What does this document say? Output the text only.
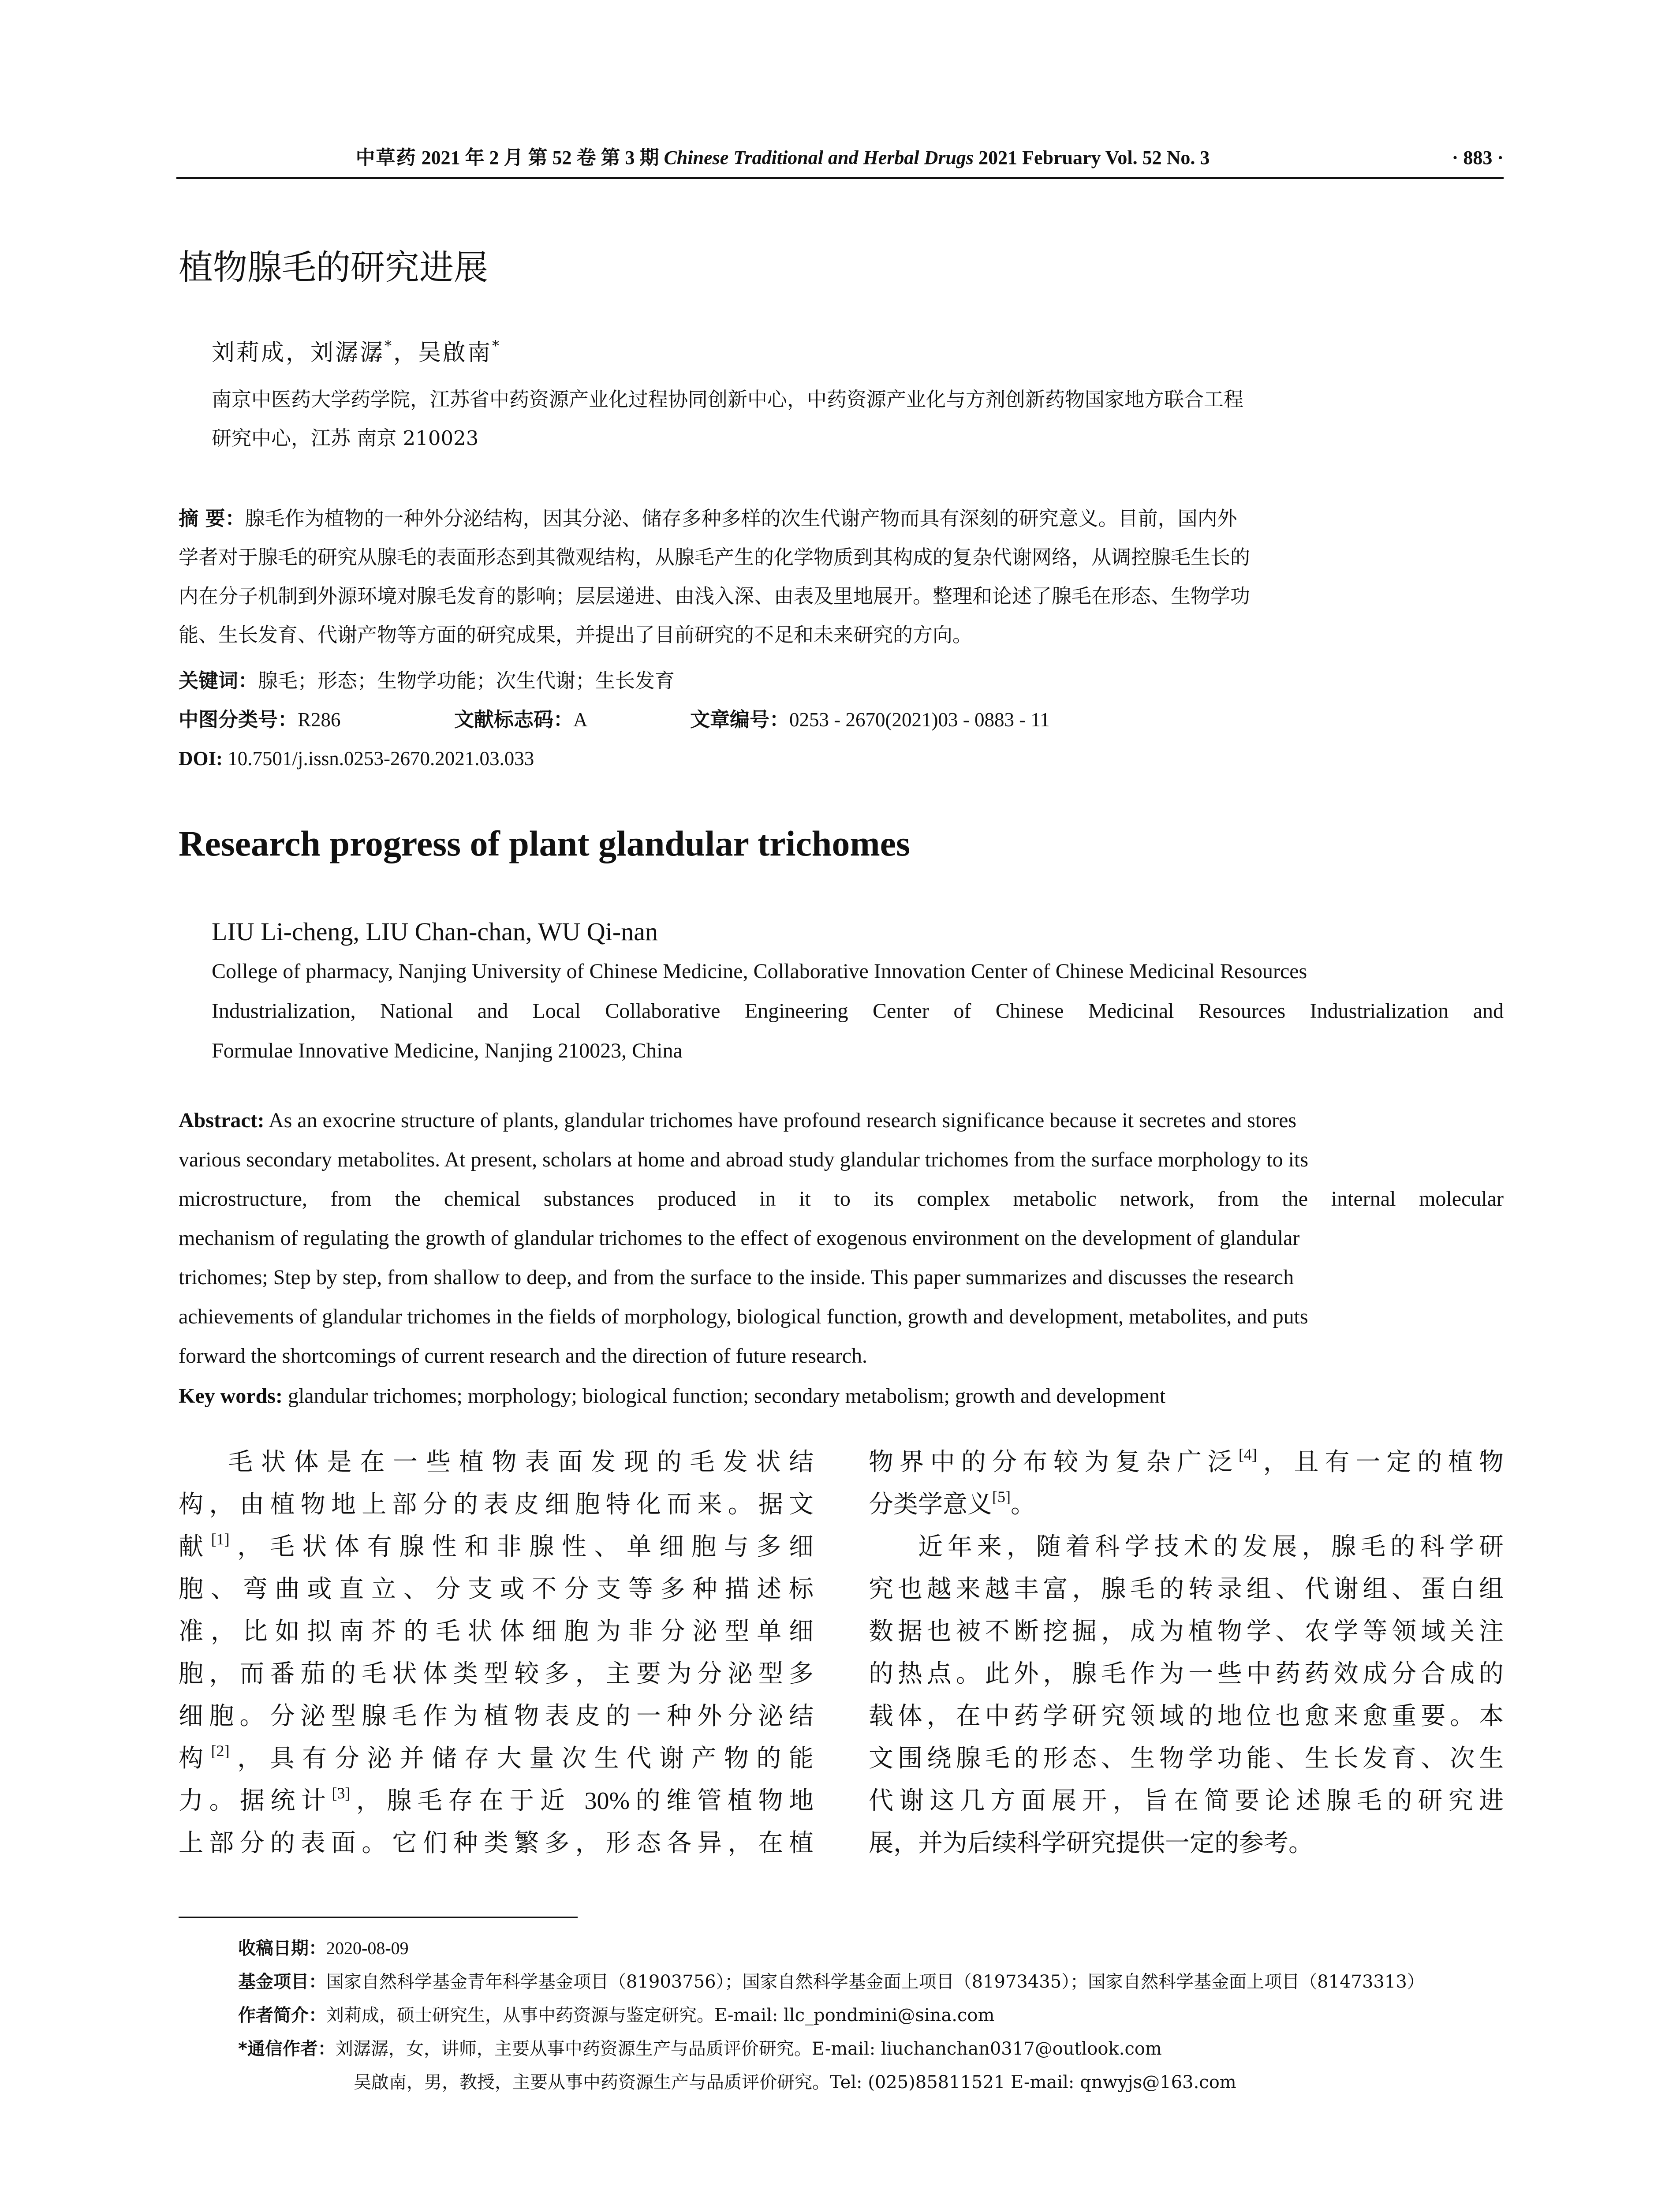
中草药 2021 年 2 月 第 52 卷 第 3 期 Chinese Traditional and Herbal Drugs 2021 February Vol. 52 No. 3	· 883 ·
植物腺毛的研究进展
刘莉成，刘潺潺*，吴啟南*
南京中医药大学药学院，江苏省中药资源产业化过程协同创新中心，中药资源产业化与方剂创新药物国家地方联合工程
研究中心，江苏 南京 210023
摘 要：腺毛作为植物的一种外分泌结构，因其分泌、储存多种多样的次生代谢产物而具有深刻的研究意义。目前，国内外
学者对于腺毛的研究从腺毛的表面形态到其微观结构，从腺毛产生的化学物质到其构成的复杂代谢网络，从调控腺毛生长的
内在分子机制到外源环境对腺毛发育的影响；层层递进、由浅入深、由表及里地展开。整理和论述了腺毛在形态、生物学功
能、生长发育、代谢产物等方面的研究成果，并提出了目前研究的不足和未来研究的方向。
关键词：腺毛；形态；生物学功能；次生代谢；生长发育
中图分类号：R286	文献标志码：A	文章编号：0253 - 2670(2021)03 - 0883 - 11
DOI: 10.7501/j.issn.0253-2670.2021.03.033
Research progress of plant glandular trichomes
LIU Li-cheng, LIU Chan-chan, WU Qi-nan
College of pharmacy, Nanjing University of Chinese Medicine, Collaborative Innovation Center of Chinese Medicinal Resources
Industrialization, National and Local Collaborative Engineering Center of Chinese Medicinal Resources Industrialization and
Formulae Innovative Medicine, Nanjing 210023, China
Abstract: As an exocrine structure of plants, glandular trichomes have profound research significance because it secretes and stores
various secondary metabolites. At present, scholars at home and abroad study glandular trichomes from the surface morphology to its
microstructure, from the chemical substances produced in it to its complex metabolic network, from the internal molecular
mechanism of regulating the growth of glandular trichomes to the effect of exogenous environment on the development of glandular
trichomes; Step by step, from shallow to deep, and from the surface to the inside. This paper summarizes and discusses the research
achievements of glandular trichomes in the fields of morphology, biological function, growth and development, metabolites, and puts
forward the shortcomings of current research and the direction of future research.
Key words: glandular trichomes; morphology; biological function; secondary metabolism; growth and development
毛状体是在一些植物表面发现的毛发状结
构，由植物地上部分的表皮细胞特化而来。据文
献[1]，毛状体有腺性和非腺性、单细胞与多细
胞、弯曲或直立、分支或不分支等多种描述标
准，比如拟南芥的毛状体细胞为非分泌型单细
胞，而番茄的毛状体类型较多，主要为分泌型多
细胞。分泌型腺毛作为植物表皮的一种外分泌结
构[2]，具有分泌并储存大量次生代谢产物的能
力。据统计[3]，腺毛存在于近 30%的维管植物地
上部分的表面。它们种类繁多，形态各异，在植
物界中的分布较为复杂广泛[4]，且有一定的植物
分类学意义[5]。
近年来，随着科学技术的发展，腺毛的科学研
究也越来越丰富，腺毛的转录组、代谢组、蛋白组
数据也被不断挖掘，成为植物学、农学等领域关注
的热点。此外，腺毛作为一些中药药效成分合成的
载体，在中药学研究领域的地位也愈来愈重要。本
文围绕腺毛的形态、生物学功能、生长发育、次生
代谢这几方面展开，旨在简要论述腺毛的研究进
展，并为后续科学研究提供一定的参考。
收稿日期：2020-08-09
基金项目：国家自然科学基金青年科学基金项目（81903756）；国家自然科学基金面上项目（81973435）；国家自然科学基金面上项目（81473313）
作者简介：刘莉成，硕士研究生，从事中药资源与鉴定研究。E-mail: llc_pondmini@sina.com
*通信作者：刘潺潺，女，讲师，主要从事中药资源生产与品质评价研究。E-mail: liuchanchan0317@outlook.com
吴啟南，男，教授，主要从事中药资源生产与品质评价研究。Tel: (025)85811521 E-mail: qnwyjs@163.com
